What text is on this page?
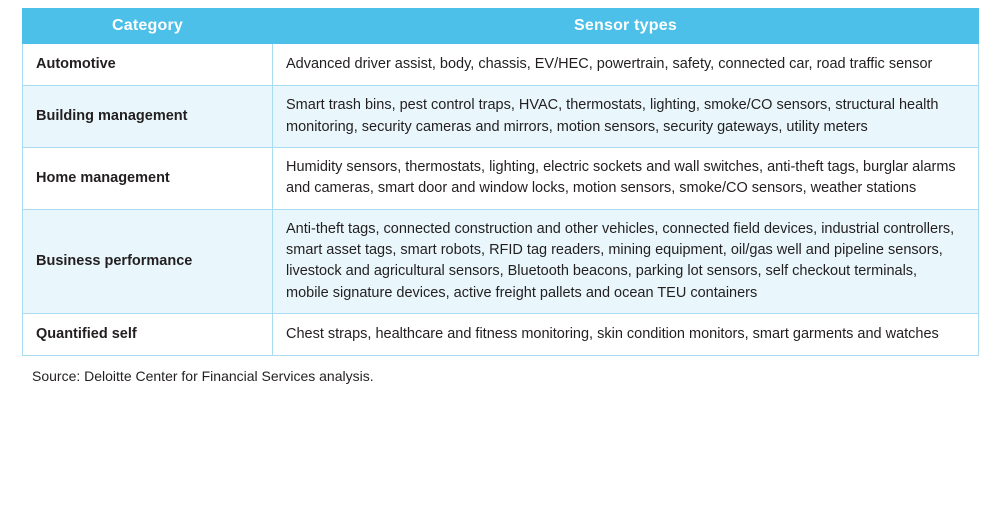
Category	Sensor types
Automotive	Advanced driver assist, body, chassis, EV/HEC, powertrain, safety, connected car, road traffic sensor
Building management	Smart trash bins, pest control traps, HVAC, thermostats, lighting, smoke/CO sensors, structural health monitoring, security cameras and mirrors, motion sensors, security gateways, utility meters
Home management	Humidity sensors, thermostats, lighting, electric sockets and wall switches, anti-theft tags, burglar alarms and cameras, smart door and window locks, motion sensors, smoke/CO sensors, weather stations
Business performance	Anti-theft tags, connected construction and other vehicles, connected field devices, industrial controllers, smart asset tags, smart robots, RFID tag readers, mining equipment, oil/gas well and pipeline sensors, livestock and agricultural sensors, Bluetooth beacons, parking lot sensors, self checkout terminals, mobile signature devices, active freight pallets and ocean TEU containers
Quantified self	Chest straps, healthcare and fitness monitoring, skin condition monitors, smart garments and watches
Source: Deloitte Center for Financial Services analysis.
